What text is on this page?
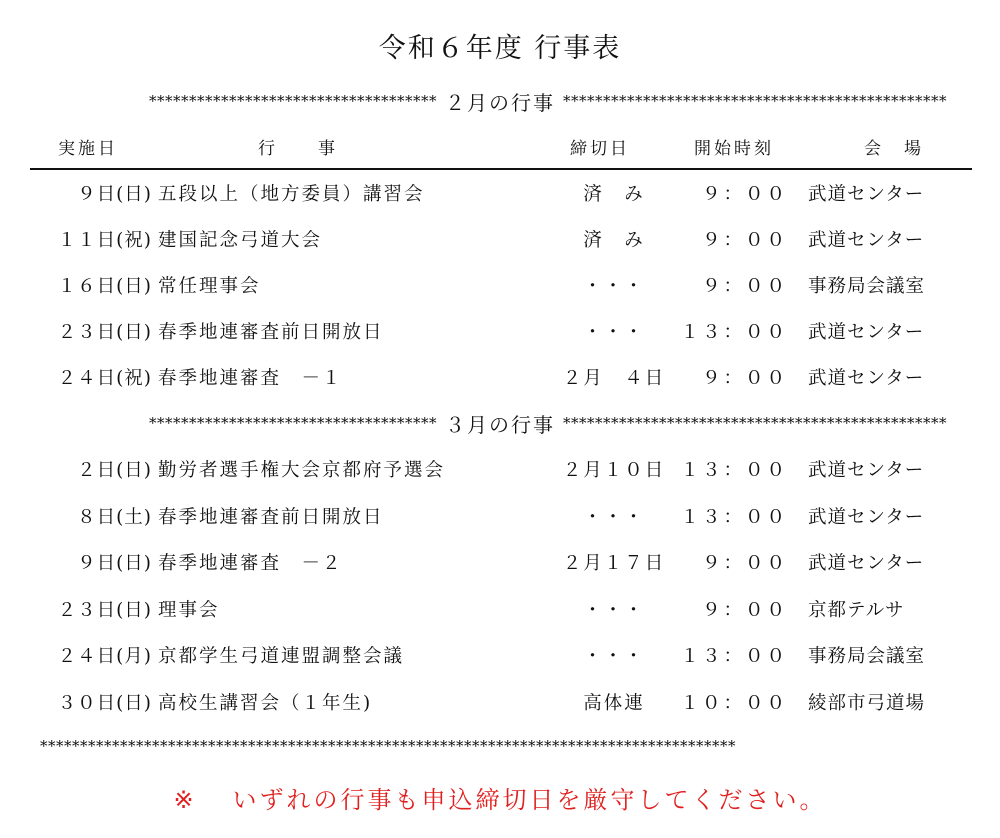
令和６年度 行事表
************************************ ２月の行事 ************************************************
実施日	行　　事	締切日	開始時刻	会　場
９日(日) 五段以上（地方委員）講習会	済　み	９：００ 武道センター
１１日(祝) 建国記念弓道大会	済　み	９：００ 武道センター
１６日(日) 常任理事会	・・・	９：００ 事務局会議室
２３日(日) 春季地連審査前日開放日	・・・	１３：００ 武道センター
２４日(祝) 春季地連審査　－１	２月　４日 ９：００ 武道センター
************************************ ３月の行事 ************************************************
２日(日) 勤労者選手権大会京都府予選会	２月１０日 １３：００ 武道センター
８日(土) 春季地連審査前日開放日	・・・	１３：００ 武道センター
９日(日) 春季地連審査　－２	２月１７日 ９：００ 武道センター
２３日(日) 理事会	・・・	９：００ 京都テルサ
２４日(月) 京都学生弓道連盟調整会議	・・・	１３：００ 事務局会議室
３０日(日) 高校生講習会（１年生)	高体連	１０：００ 綾部市弓道場
***************************************************************************************
※ いずれの行事も申込締切日を厳守してください。
